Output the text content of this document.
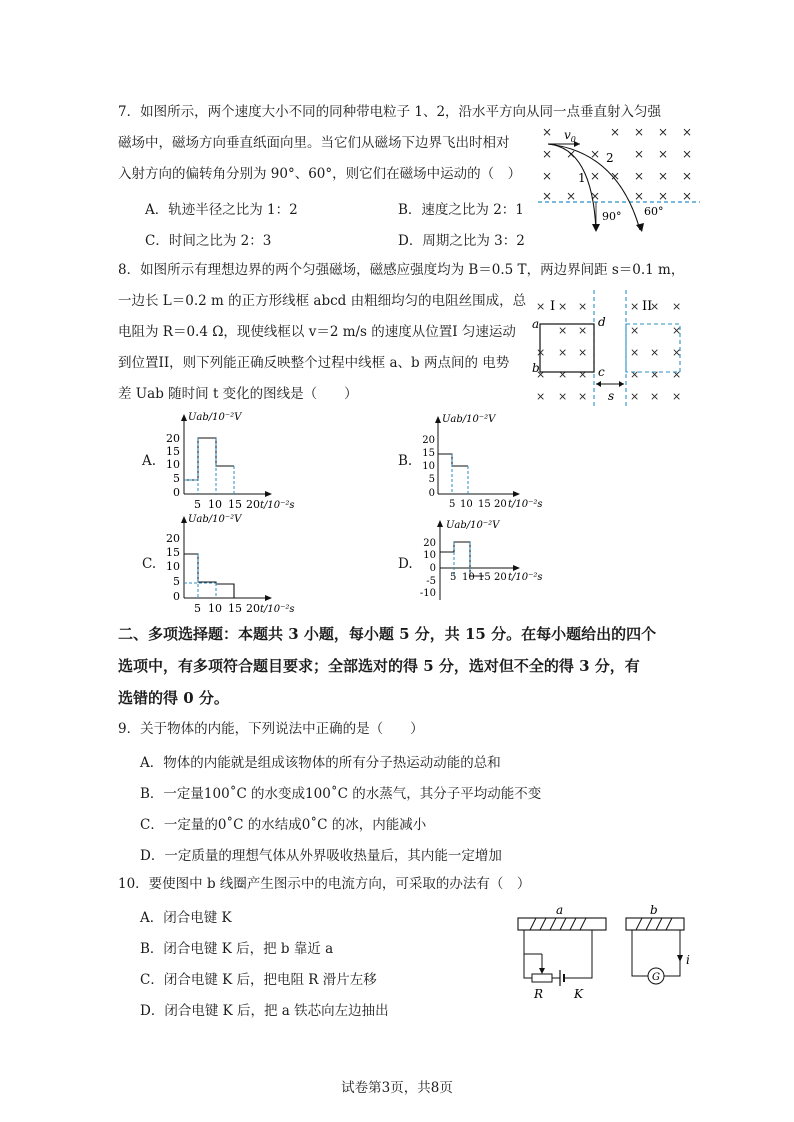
7．如图所示，两个速度大小不同的同种带电粒子 1、2，沿水平方向从同一点垂直射入匀强
磁场中，磁场方向垂直纸面向里。当它们从磁场下边界飞出时相对
入射方向的偏转角分别为 90°、60°，则它们在磁场中运动的（　）
A．轨迹半径之比为 1：2	B．速度之比为 2：1
C．时间之比为 2：3	D．周期之比为 3：2
×	× × × ×
× × ×	× × ×
×	× × × × ×
× × ×	× × ×
$v_0$
1
2
90° 60°
8．如图所示有理想边界的两个匀强磁场，磁感应强度均为 B＝0.5 T，两边界间距 s＝0.1 m，
一边长 L＝0.2 m 的正方形线框 abcd 由粗细均匀的电阻丝围成，总
电阻为 R＝0.4 Ω，现使线框以 v＝2 m/s 的速度从位置I 匀速运动
到位置II，则下列能正确反映整个过程中线框 a、b 两点间的 电势
差 Uab 随时间 t 变化的图线是（　　）
× × ×	× × ×
× ×	×	×
× × ×	× × ×
× × ×	× × ×
× × ×	× × ×
I	II
a
b	c
d
s
A.
Uab/10⁻²V
20
15
10
5
0
5 10 15 20 t/10⁻²s
B.
Uab/10⁻²V
20
15
10
5
0
5 10 15 20 t/10⁻²s
C.
Uab/10⁻²V
20
15
10
5
0
5 10 15 20 t/10⁻²s
D.
Uab/10⁻²V
20
10
0
-5
-10
5 10 15 20 t/10⁻²s
二、多项选择题：本题共 3 小题，每小题 5 分，共 15 分。在每小题给出的四个
选项中，有多项符合题目要求；全部选对的得 5 分，选对但不全的得 3 分，有
选错的得 0 分。
9．关于物体的内能，下列说法中正确的是（　　）
A．物体的内能就是组成该物体的所有分子热运动动能的总和
B．一定量100˚C 的水变成100˚C 的水蒸气，其分子平均动能不变
C．一定量的0˚C 的水结成0˚C 的冰，内能减小
D．一定质量的理想气体从外界吸收热量后，其内能一定增加
10．要使图中 b 线圈产生图示中的电流方向，可采取的办法有（　）
A．闭合电键 K
B．闭合电键 K 后，把 b 靠近 a
C．闭合电键 K 后，把电阻 R 滑片左移
D．闭合电键 K 后，把 a 铁芯向左边抽出
a
R	K
b
G
i
试卷第3页，共8页
